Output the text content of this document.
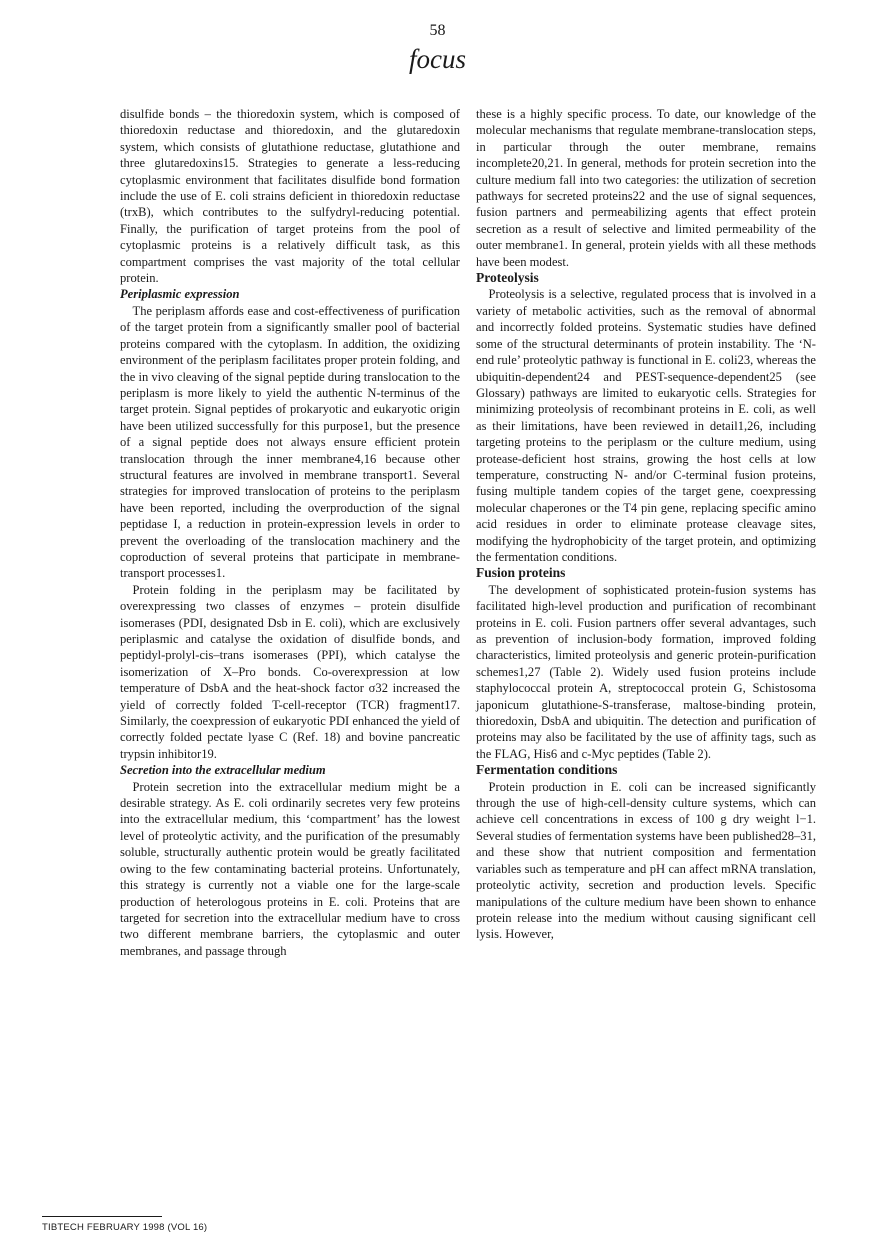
58
focus

disulfide bonds – the thioredoxin system, which is composed of thioredoxin reductase and thioredoxin, and the glutaredoxin system, which consists of glutathione reductase, glutathione and three glutaredoxins15. Strategies to generate a less-reducing cytoplasmic environment that facilitates disulfide bond formation include the use of E. coli strains deficient in thioredoxin reductase (trxB), which contributes to the sulfydryl-reducing potential. Finally, the purification of target proteins from the pool of cytoplasmic proteins is a relatively difficult task, as this compartment comprises the vast majority of the total cellular protein.

Periplasmic expression

The periplasm affords ease and cost-effectiveness of purification of the target protein from a significantly smaller pool of bacterial proteins compared with the cytoplasm. In addition, the oxidizing environment of the periplasm facilitates proper protein folding, and the in vivo cleaving of the signal peptide during translocation to the periplasm is more likely to yield the authentic N-terminus of the target protein. Signal peptides of prokaryotic and eukaryotic origin have been utilized successfully for this purpose1, but the presence of a signal peptide does not always ensure efficient protein translocation through the inner membrane4,16 because other structural features are involved in membrane transport1. Several strategies for improved translocation of proteins to the periplasm have been reported, including the overproduction of the signal peptidase I, a reduction in protein-expression levels in order to prevent the overloading of the translocation machinery and the coproduction of several proteins that participate in membrane-transport processes1.

Protein folding in the periplasm may be facilitated by overexpressing two classes of enzymes – protein disulfide isomerases (PDI, designated Dsb in E. coli), which are exclusively periplasmic and catalyse the oxidation of disulfide bonds, and peptidyl-prolyl-cis–trans isomerases (PPI), which catalyse the isomerization of X–Pro bonds. Co-overexpression at low temperature of DsbA and the heat-shock factor σ32 increased the yield of correctly folded T-cell-receptor (TCR) fragment17. Similarly, the coexpression of eukaryotic PDI enhanced the yield of correctly folded pectate lyase C (Ref. 18) and bovine pancreatic trypsin inhibitor19.

Secretion into the extracellular medium

Protein secretion into the extracellular medium might be a desirable strategy. As E. coli ordinarily secretes very few proteins into the extracellular medium, this ‘compartment’ has the lowest level of proteolytic activity, and the purification of the presumably soluble, structurally authentic protein would be greatly facilitated owing to the few contaminating bacterial proteins. Unfortunately, this strategy is currently not a viable one for the large-scale production of heterologous proteins in E. coli. Proteins that are targeted for secretion into the extracellular medium have to cross two different membrane barriers, the cytoplasmic and outer membranes, and passage through

these is a highly specific process. To date, our knowledge of the molecular mechanisms that regulate membrane-translocation steps, in particular through the outer membrane, remains incomplete20,21. In general, methods for protein secretion into the culture medium fall into two categories: the utilization of secretion pathways for secreted proteins22 and the use of signal sequences, fusion partners and permeabilizing agents that effect protein secretion as a result of selective and limited permeability of the outer membrane1. In general, protein yields with all these methods have been modest.

Proteolysis

Proteolysis is a selective, regulated process that is involved in a variety of metabolic activities, such as the removal of abnormal and incorrectly folded proteins. Systematic studies have defined some of the structural determinants of protein instability. The ‘N-end rule’ proteolytic pathway is functional in E. coli23, whereas the ubiquitin-dependent24 and PEST-sequence-dependent25 (see Glossary) pathways are limited to eukaryotic cells. Strategies for minimizing proteolysis of recombinant proteins in E. coli, as well as their limitations, have been reviewed in detail1,26, including targeting proteins to the periplasm or the culture medium, using protease-deficient host strains, growing the host cells at low temperature, constructing N- and/or C-terminal fusion proteins, fusing multiple tandem copies of the target gene, coexpressing molecular chaperones or the T4 pin gene, replacing specific amino acid residues in order to eliminate protease cleavage sites, modifying the hydrophobicity of the target protein, and optimizing the fermentation conditions.

Fusion proteins

The development of sophisticated protein-fusion systems has facilitated high-level production and purification of recombinant proteins in E. coli. Fusion partners offer several advantages, such as prevention of inclusion-body formation, improved folding characteristics, limited proteolysis and generic protein-purification schemes1,27 (Table 2). Widely used fusion proteins include staphylococcal protein A, streptococcal protein G, Schistosoma japonicum glutathione-S-transferase, maltose-binding protein, thioredoxin, DsbA and ubiquitin. The detection and purification of proteins may also be facilitated by the use of affinity tags, such as the FLAG, His6 and c-Myc peptides (Table 2).

Fermentation conditions

Protein production in E. coli can be increased significantly through the use of high-cell-density culture systems, which can achieve cell concentrations in excess of 100 g dry weight l−1. Several studies of fermentation systems have been published28–31, and these show that nutrient composition and fermentation variables such as temperature and pH can affect mRNA translation, proteolytic activity, secretion and production levels. Specific manipulations of the culture medium have been shown to enhance protein release into the medium without causing significant cell lysis. However,

TIBTECH FEBRUARY 1998 (VOL 16)
